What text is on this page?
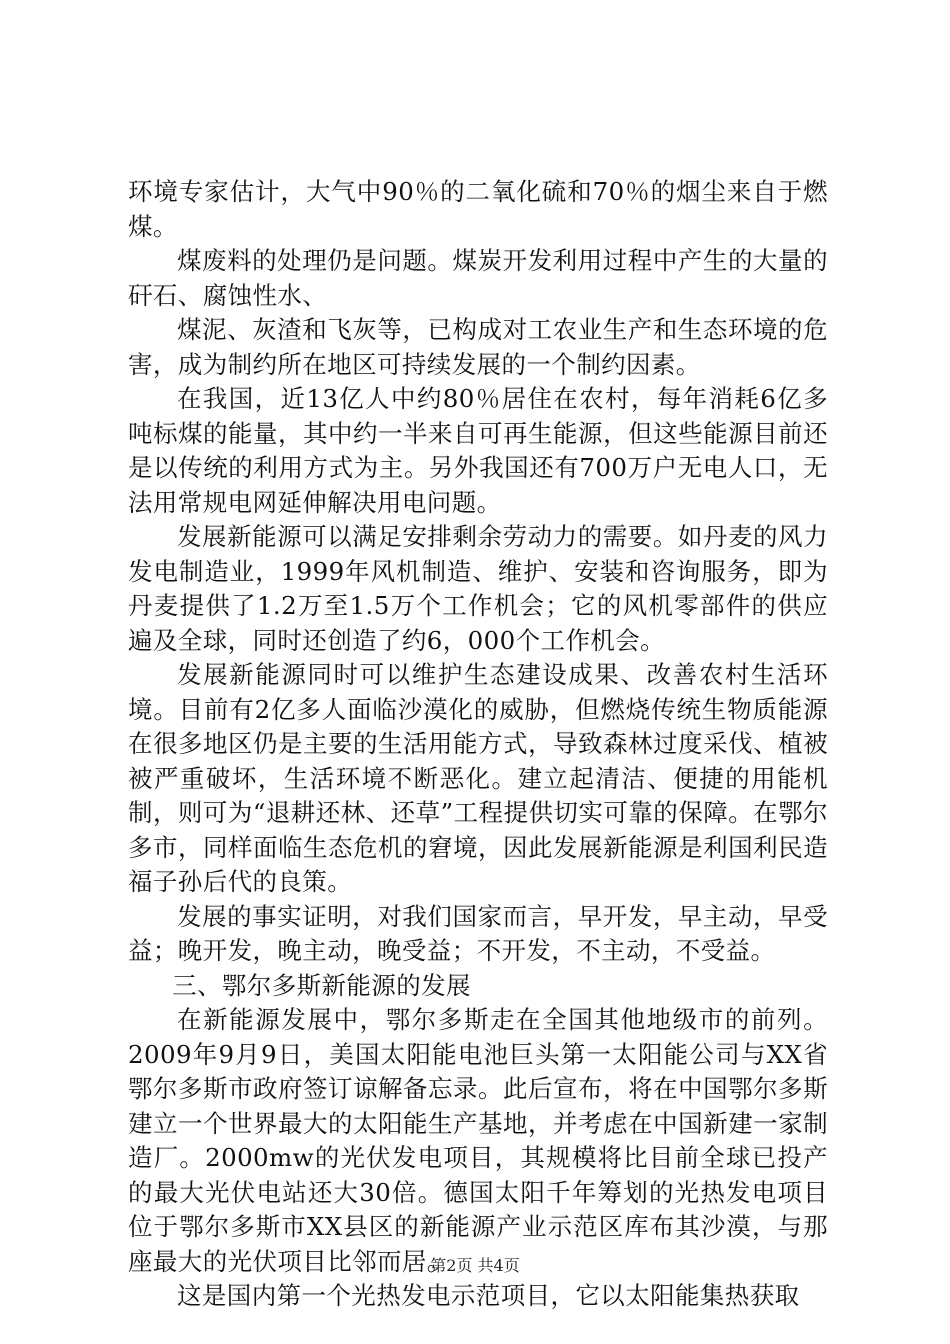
环境专家估计，大气中90％的二氧化硫和70％的烟尘来自于燃煤。

煤废料的处理仍是问题。煤炭开发利用过程中产生的大量的矸石、腐蚀性水、

煤泥、灰渣和飞灰等，已构成对工农业生产和生态环境的危害，成为制约所在地区可持续发展的一个制约因素。

在我国，近13亿人中约80％居住在农村，每年消耗6亿多吨标煤的能量，其中约一半来自可再生能源，但这些能源目前还是以传统的利用方式为主。另外我国还有700万户无电人口，无法用常规电网延伸解决用电问题。

发展新能源可以满足安排剩余劳动力的需要。如丹麦的风力发电制造业，1999年风机制造、维护、安装和咨询服务，即为丹麦提供了1.2万至1.5万个工作机会；它的风机零部件的供应遍及全球，同时还创造了约6，000个工作机会。

发展新能源同时可以维护生态建设成果、改善农村生活环境。目前有2亿多人面临沙漠化的威胁，但燃烧传统生物质能源在很多地区仍是主要的生活用能方式，导致森林过度采伐、植被被严重破坏，生活环境不断恶化。建立起清洁、便捷的用能机制，则可为“退耕还林、还草”工程提供切实可靠的保障。在鄂尔多市，同样面临生态危机的窘境，因此发展新能源是利国利民造福子孙后代的良策。

发展的事实证明，对我们国家而言，早开发，早主动，早受益；晚开发，晚主动，晚受益；不开发，不主动，不受益。

三、鄂尔多斯新能源的发展

在新能源发展中，鄂尔多斯走在全国其他地级市的前列。2009年9月9日，美国太阳能电池巨头第一太阳能公司与XX省鄂尔多斯市政府签订谅解备忘录。此后宣布，将在中国鄂尔多斯建立一个世界最大的太阳能生产基地，并考虑在中国新建一家制造厂。2000mw的光伏发电项目，其规模将比目前全球已投产的最大光伏电站还大30倍。德国太阳千年筹划的光热发电项目位于鄂尔多斯市XX县区的新能源产业示范区库布其沙漠，与那座最大的光伏项目比邻而居。

这是国内第一个光热发电示范项目，它以太阳能集热获取

第2页 共4页
